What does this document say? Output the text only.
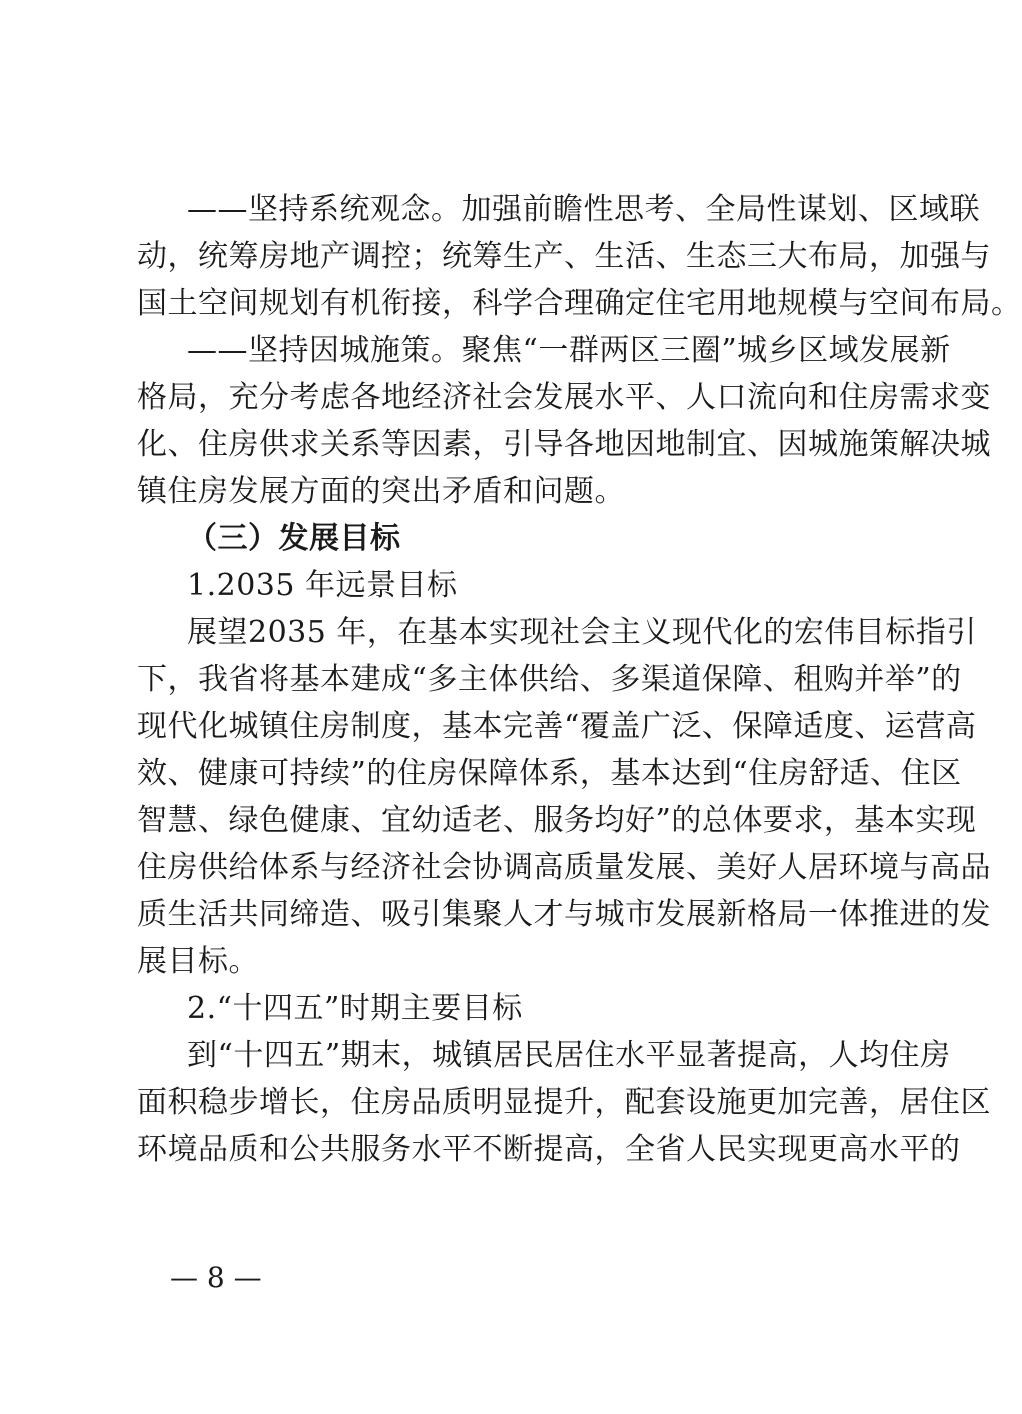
——坚持系统观念。加强前瞻性思考、全局性谋划、区域联
动，统筹房地产调控；统筹生产、生活、生态三大布局，加强与
国土空间规划有机衔接，科学合理确定住宅用地规模与空间布局。
——坚持因城施策。聚焦“一群两区三圈”城乡区域发展新
格局，充分考虑各地经济社会发展水平、人口流向和住房需求变
化、住房供求关系等因素，引导各地因地制宜、因城施策解决城
镇住房发展方面的突出矛盾和问题。
（三）发展目标
1.2035 年远景目标
展望2035 年，在基本实现社会主义现代化的宏伟目标指引
下，我省将基本建成“多主体供给、多渠道保障、租购并举”的
现代化城镇住房制度，基本完善“覆盖广泛、保障适度、运营高
效、健康可持续”的住房保障体系，基本达到“住房舒适、住区
智慧、绿色健康、宜幼适老、服务均好”的总体要求，基本实现
住房供给体系与经济社会协调高质量发展、美好人居环境与高品
质生活共同缔造、吸引集聚人才与城市发展新格局一体推进的发
展目标。
2.“十四五”时期主要目标
到“十四五”期末，城镇居民居住水平显著提高，人均住房
面积稳步增长，住房品质明显提升，配套设施更加完善，居住区
环境品质和公共服务水平不断提高，全省人民实现更高水平的
— 8 —
